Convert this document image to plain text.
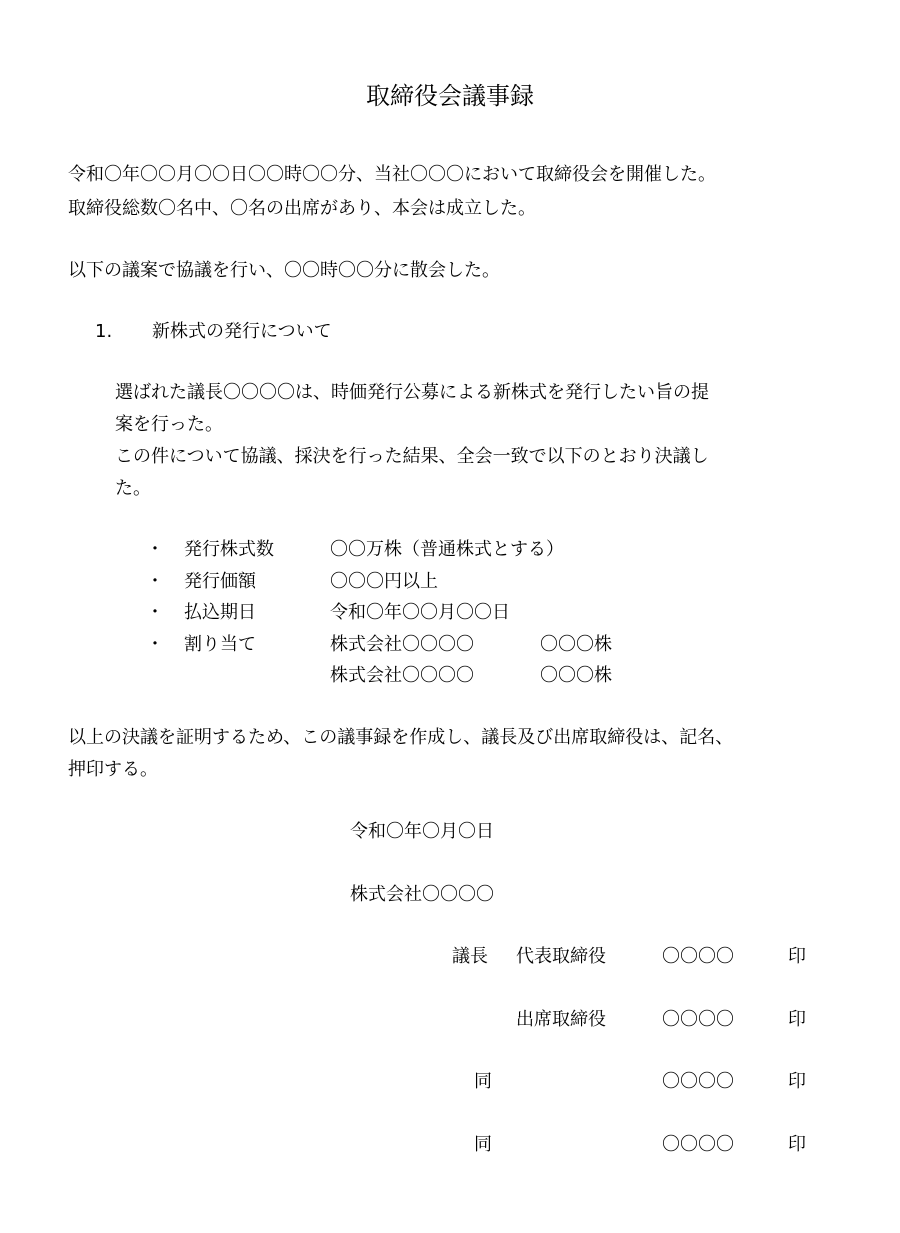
取締役会議事録
令和〇年〇〇月〇〇日〇〇時〇〇分、当社〇〇〇において取締役会を開催した。
取締役総数〇名中、〇名の出席があり、本会は成立した。
以下の議案で協議を行い、〇〇時〇〇分に散会した。
1. 新株式の発行について
選ばれた議長〇〇〇〇は、時価発行公募による新株式を発行したい旨の提
案を行った。
この件について協議、採決を行った結果、全会一致で以下のとおり決議し
た。
・ 発行株式数	〇〇万株（普通株式とする）
・ 発行価額	〇〇〇円以上
・ 払込期日	令和〇年〇〇月〇〇日
・ 割り当て	株式会社〇〇〇〇	〇〇〇株
株式会社〇〇〇〇	〇〇〇株
以上の決議を証明するため、この議事録を作成し、議長及び出席取締役は、記名、
押印する。
令和〇年〇月〇日
株式会社〇〇〇〇
議長 代表取締役	〇〇〇〇	印
出席取締役	〇〇〇〇	印
同	〇〇〇〇	印
同	〇〇〇〇	印
